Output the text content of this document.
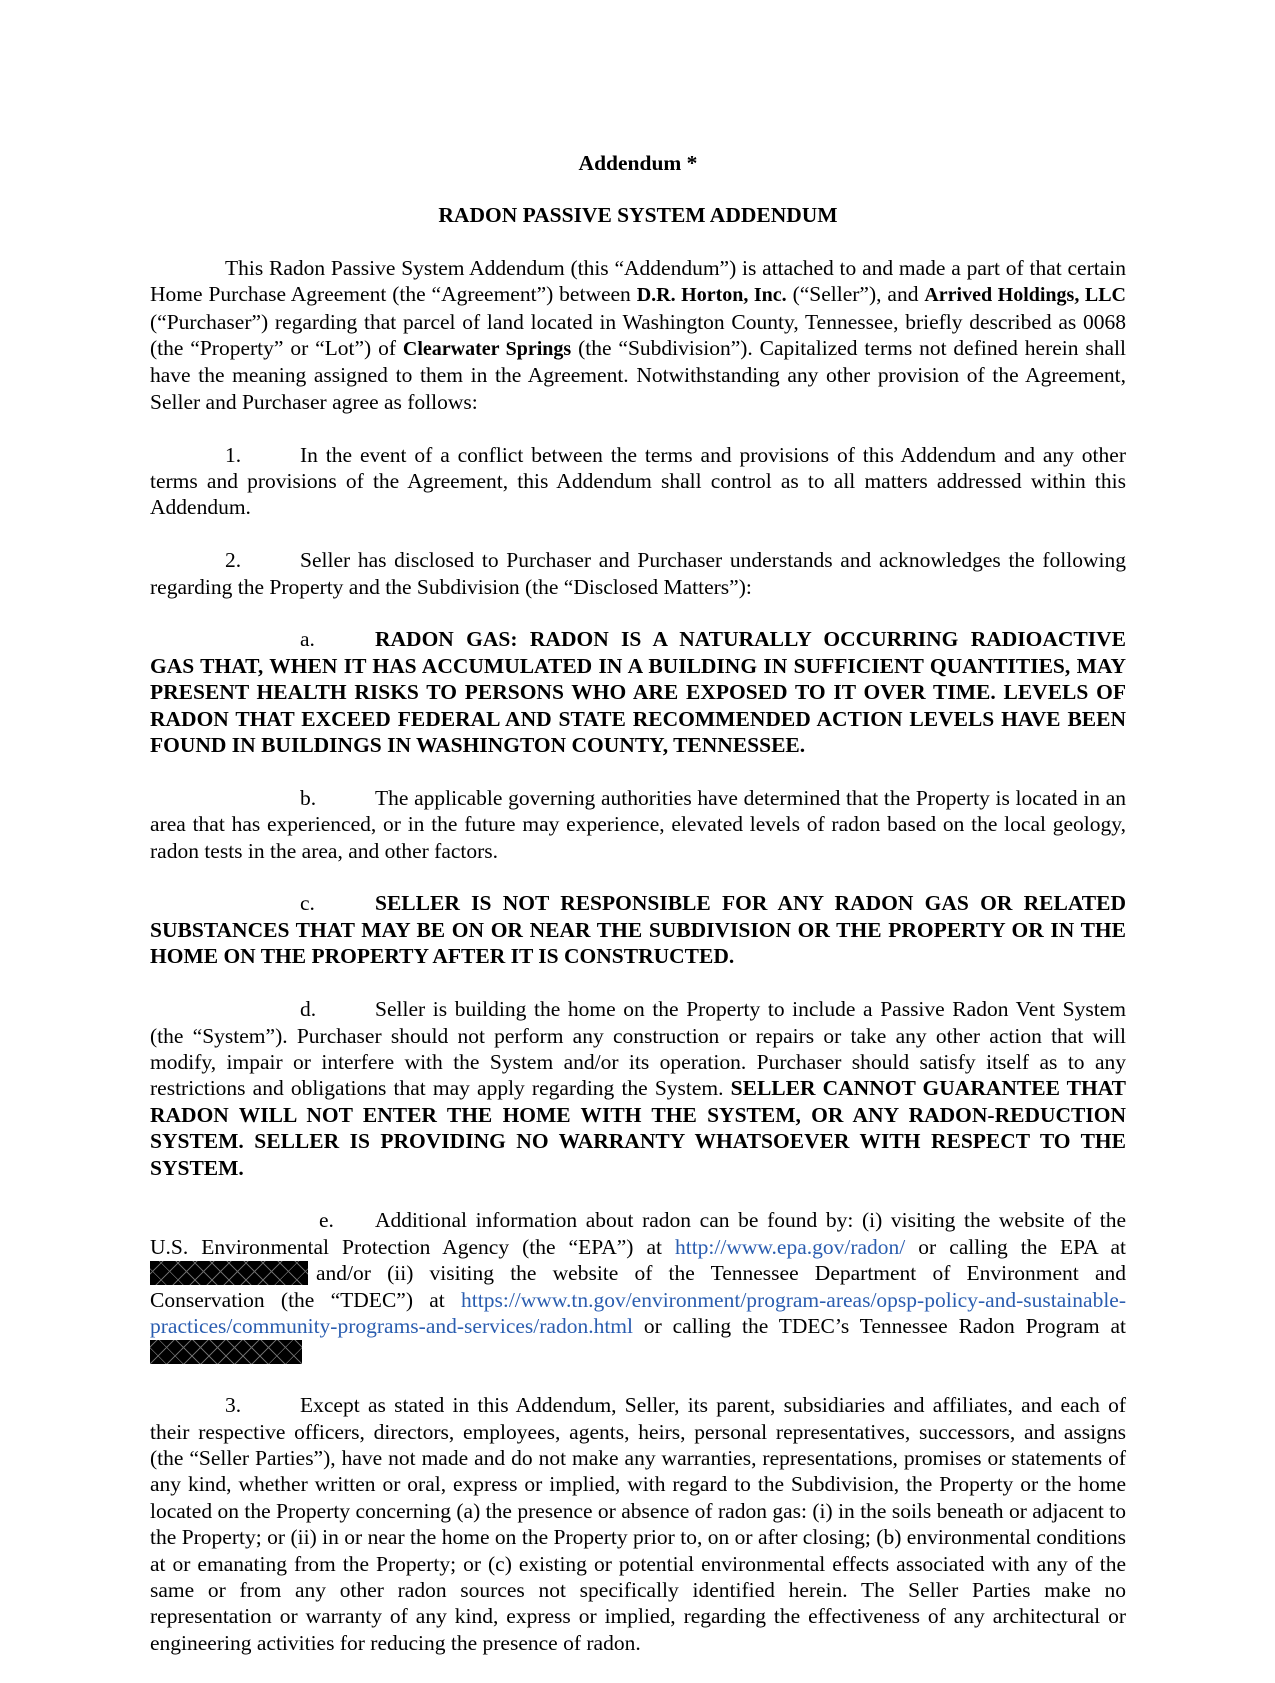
Addendum *
RADON PASSIVE SYSTEM ADDENDUM

This Radon Passive System Addendum (this “Addendum”) is attached to and made a part of that certain Home Purchase Agreement (the “Agreement”) between D.R. Horton, Inc. (“Seller”), and Arrived Holdings, LLC (“Purchaser”) regarding that parcel of land located in Washington County, Tennessee, briefly described as 0068 (the “Property” or “Lot”) of Clearwater Springs (the “Subdivision”). Capitalized terms not defined herein shall have the meaning assigned to them in the Agreement. Notwithstanding any other provision of the Agreement, Seller and Purchaser agree as follows:

1.	In the event of a conflict between the terms and provisions of this Addendum and any other terms and provisions of the Agreement, this Addendum shall control as to all matters addressed within this Addendum.

2.	Seller has disclosed to Purchaser and Purchaser understands and acknowledges the following regarding the Property and the Subdivision (the “Disclosed Matters”):

a.	RADON GAS: RADON IS A NATURALLY OCCURRING RADIOACTIVE GAS THAT, WHEN IT HAS ACCUMULATED IN A BUILDING IN SUFFICIENT QUANTITIES, MAY PRESENT HEALTH RISKS TO PERSONS WHO ARE EXPOSED TO IT OVER TIME. LEVELS OF RADON THAT EXCEED FEDERAL AND STATE RECOMMENDED ACTION LEVELS HAVE BEEN FOUND IN BUILDINGS IN WASHINGTON COUNTY, TENNESSEE.

b.	The applicable governing authorities have determined that the Property is located in an area that has experienced, or in the future may experience, elevated levels of radon based on the local geology, radon tests in the area, and other factors.

c.	SELLER IS NOT RESPONSIBLE FOR ANY RADON GAS OR RELATED SUBSTANCES THAT MAY BE ON OR NEAR THE SUBDIVISION OR THE PROPERTY OR IN THE HOME ON THE PROPERTY AFTER IT IS CONSTRUCTED.

d.	Seller is building the home on the Property to include a Passive Radon Vent System (the “System”). Purchaser should not perform any construction or repairs or take any other action that will modify, impair or interfere with the System and/or its operation. Purchaser should satisfy itself as to any restrictions and obligations that may apply regarding the System. SELLER CANNOT GUARANTEE THAT RADON WILL NOT ENTER THE HOME WITH THE SYSTEM, OR ANY RADON-REDUCTION SYSTEM. SELLER IS PROVIDING NO WARRANTY WHATSOEVER WITH RESPECT TO THE SYSTEM.

e. Additional information about radon can be found by: (i) visiting the website of the U.S. Environmental Protection Agency (the “EPA”) at http://www.epa.gov/radon/ or calling the EPA at and/or (ii) visiting the website of the Tennessee Department of Environment and Conservation (the “TDEC”) at https://www.tn.gov/environment/program-areas/opsp-policy-and-sustainable-practices/community-programs-and-services/radon.html or calling the TDEC’s Tennessee Radon Program at

3.	Except as stated in this Addendum, Seller, its parent, subsidiaries and affiliates, and each of their respective officers, directors, employees, agents, heirs, personal representatives, successors, and assigns (the “Seller Parties”), have not made and do not make any warranties, representations, promises or statements of any kind, whether written or oral, express or implied, with regard to the Subdivision, the Property or the home located on the Property concerning (a) the presence or absence of radon gas: (i) in the soils beneath or adjacent to the Property; or (ii) in or near the home on the Property prior to, on or after closing; (b) environmental conditions at or emanating from the Property; or (c) existing or potential environmental effects associated with any of the same or from any other radon sources not specifically identified herein. The Seller Parties make no representation or warranty of any kind, express or implied, regarding the effectiveness of any architectural or engineering activities for reducing the presence of radon.
